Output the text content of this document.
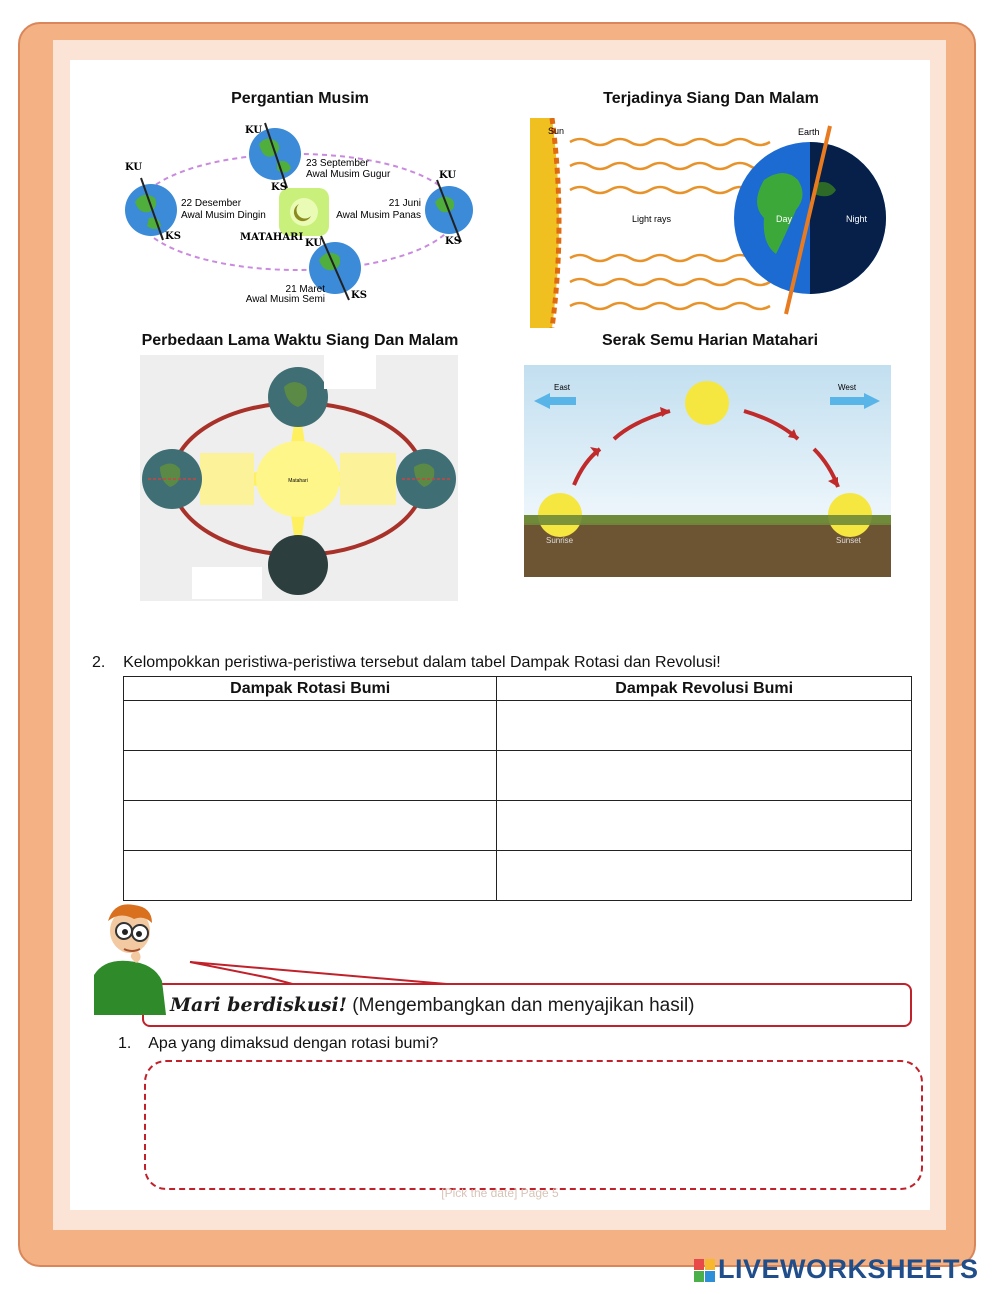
Pergantian Musim
KU
KS
KU
KS
KU
KS
KU
KS
23 September
Awal Musim Gugur
22 Desember
Awal Musim Dingin
21 Juni
Awal Musim Panas
21 Maret
Awal Musim Semi
MATAHARI
Terjadinya Siang Dan Malam
Sun	Earth
Light rays	Day	Night
Perbedaan Lama Waktu Siang Dan Malam
Matahari
Serak Semu Harian Matahari
East	West
Sunrise	Sunset
2. Kelompokkan peristiwa-peristiwa tersebut dalam tabel Dampak Rotasi dan Revolusi!
Dampak Rotasi Bumi	Dampak Revolusi Bumi

Mari berdiskusi! (Mengembangkan dan menyajikan hasil)
1. Apa yang dimaksud dengan rotasi bumi?
[Pick the date] Page 5
LIVEWORKSHEETS
